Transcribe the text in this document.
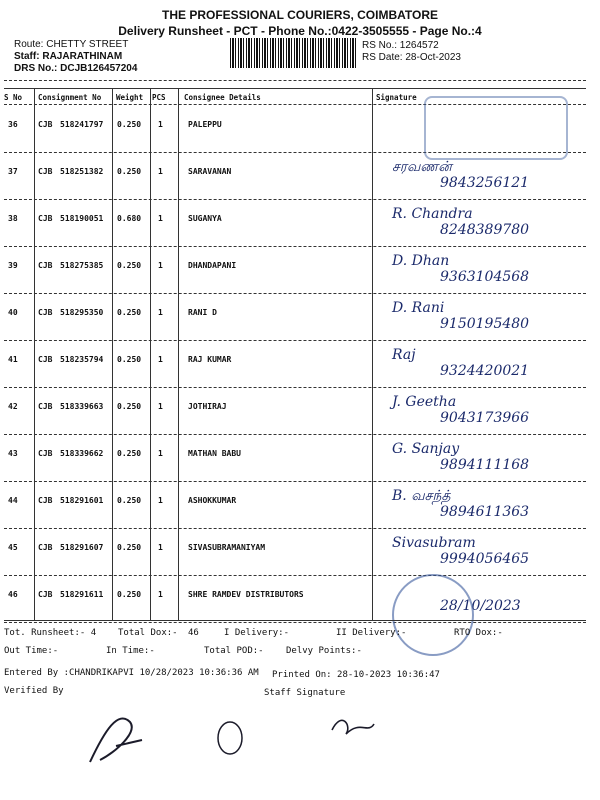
THE PROFESSIONAL COURIERS, COIMBATORE
Delivery Runsheet - PCT - Phone No.:0422-3505555 - Page No.:4
Route: CHETTY STREET
Staff: RAJARATHINAM
DRS No.: DCJB126457204
RS No.: 1264572
RS Date: 28-Oct-2023
S No Consignment No Weight PCS Consignee Details	Signature
36	CJB 518241797 0.250 1	PALEPPU
37	CJB 518251382 0.250 1	SARAVANAN	சரவணன்
9843256121
38	CJB 518190051 0.680 1	SUGANYA	R. Chandra
8248389780
39	CJB 518275385 0.250 1	DHANDAPANI	D. Dhan
9363104568
40	CJB 518295350 0.250 1	RANI D	D. Rani
9150195480
41	CJB 518235794 0.250 1	RAJ KUMAR	Raj
9324420021
42	CJB 518339663 0.250 1	JOTHIRAJ	J. Geetha
9043173966
43	CJB 518339662 0.250 1	MATHAN BABU	G. Sanjay
9894111168
44	CJB 518291601 0.250 1	ASHOKKUMAR	B. வசந்த்
9894611363
45	CJB 518291607 0.250 1	SIVASUBRAMANIYAM	Sivasubram
9994056465
46	CJB 518291611 0.250 1	SHRE RAMDEV DISTRIBUTORS
28/10/2023
Tot. Runsheet:- 4 Total Dox:- 46	I Delivery:-	II Delivery:-	RTO Dox:-
Out Time:-	In Time:-	Total POD:- Delvy Points:-
Entered By :CHANDRIKAPVI 10/28/2023 10:36:36 AM Printed On: 28-10-2023 10:36:47
Verified By	Staff Signature
